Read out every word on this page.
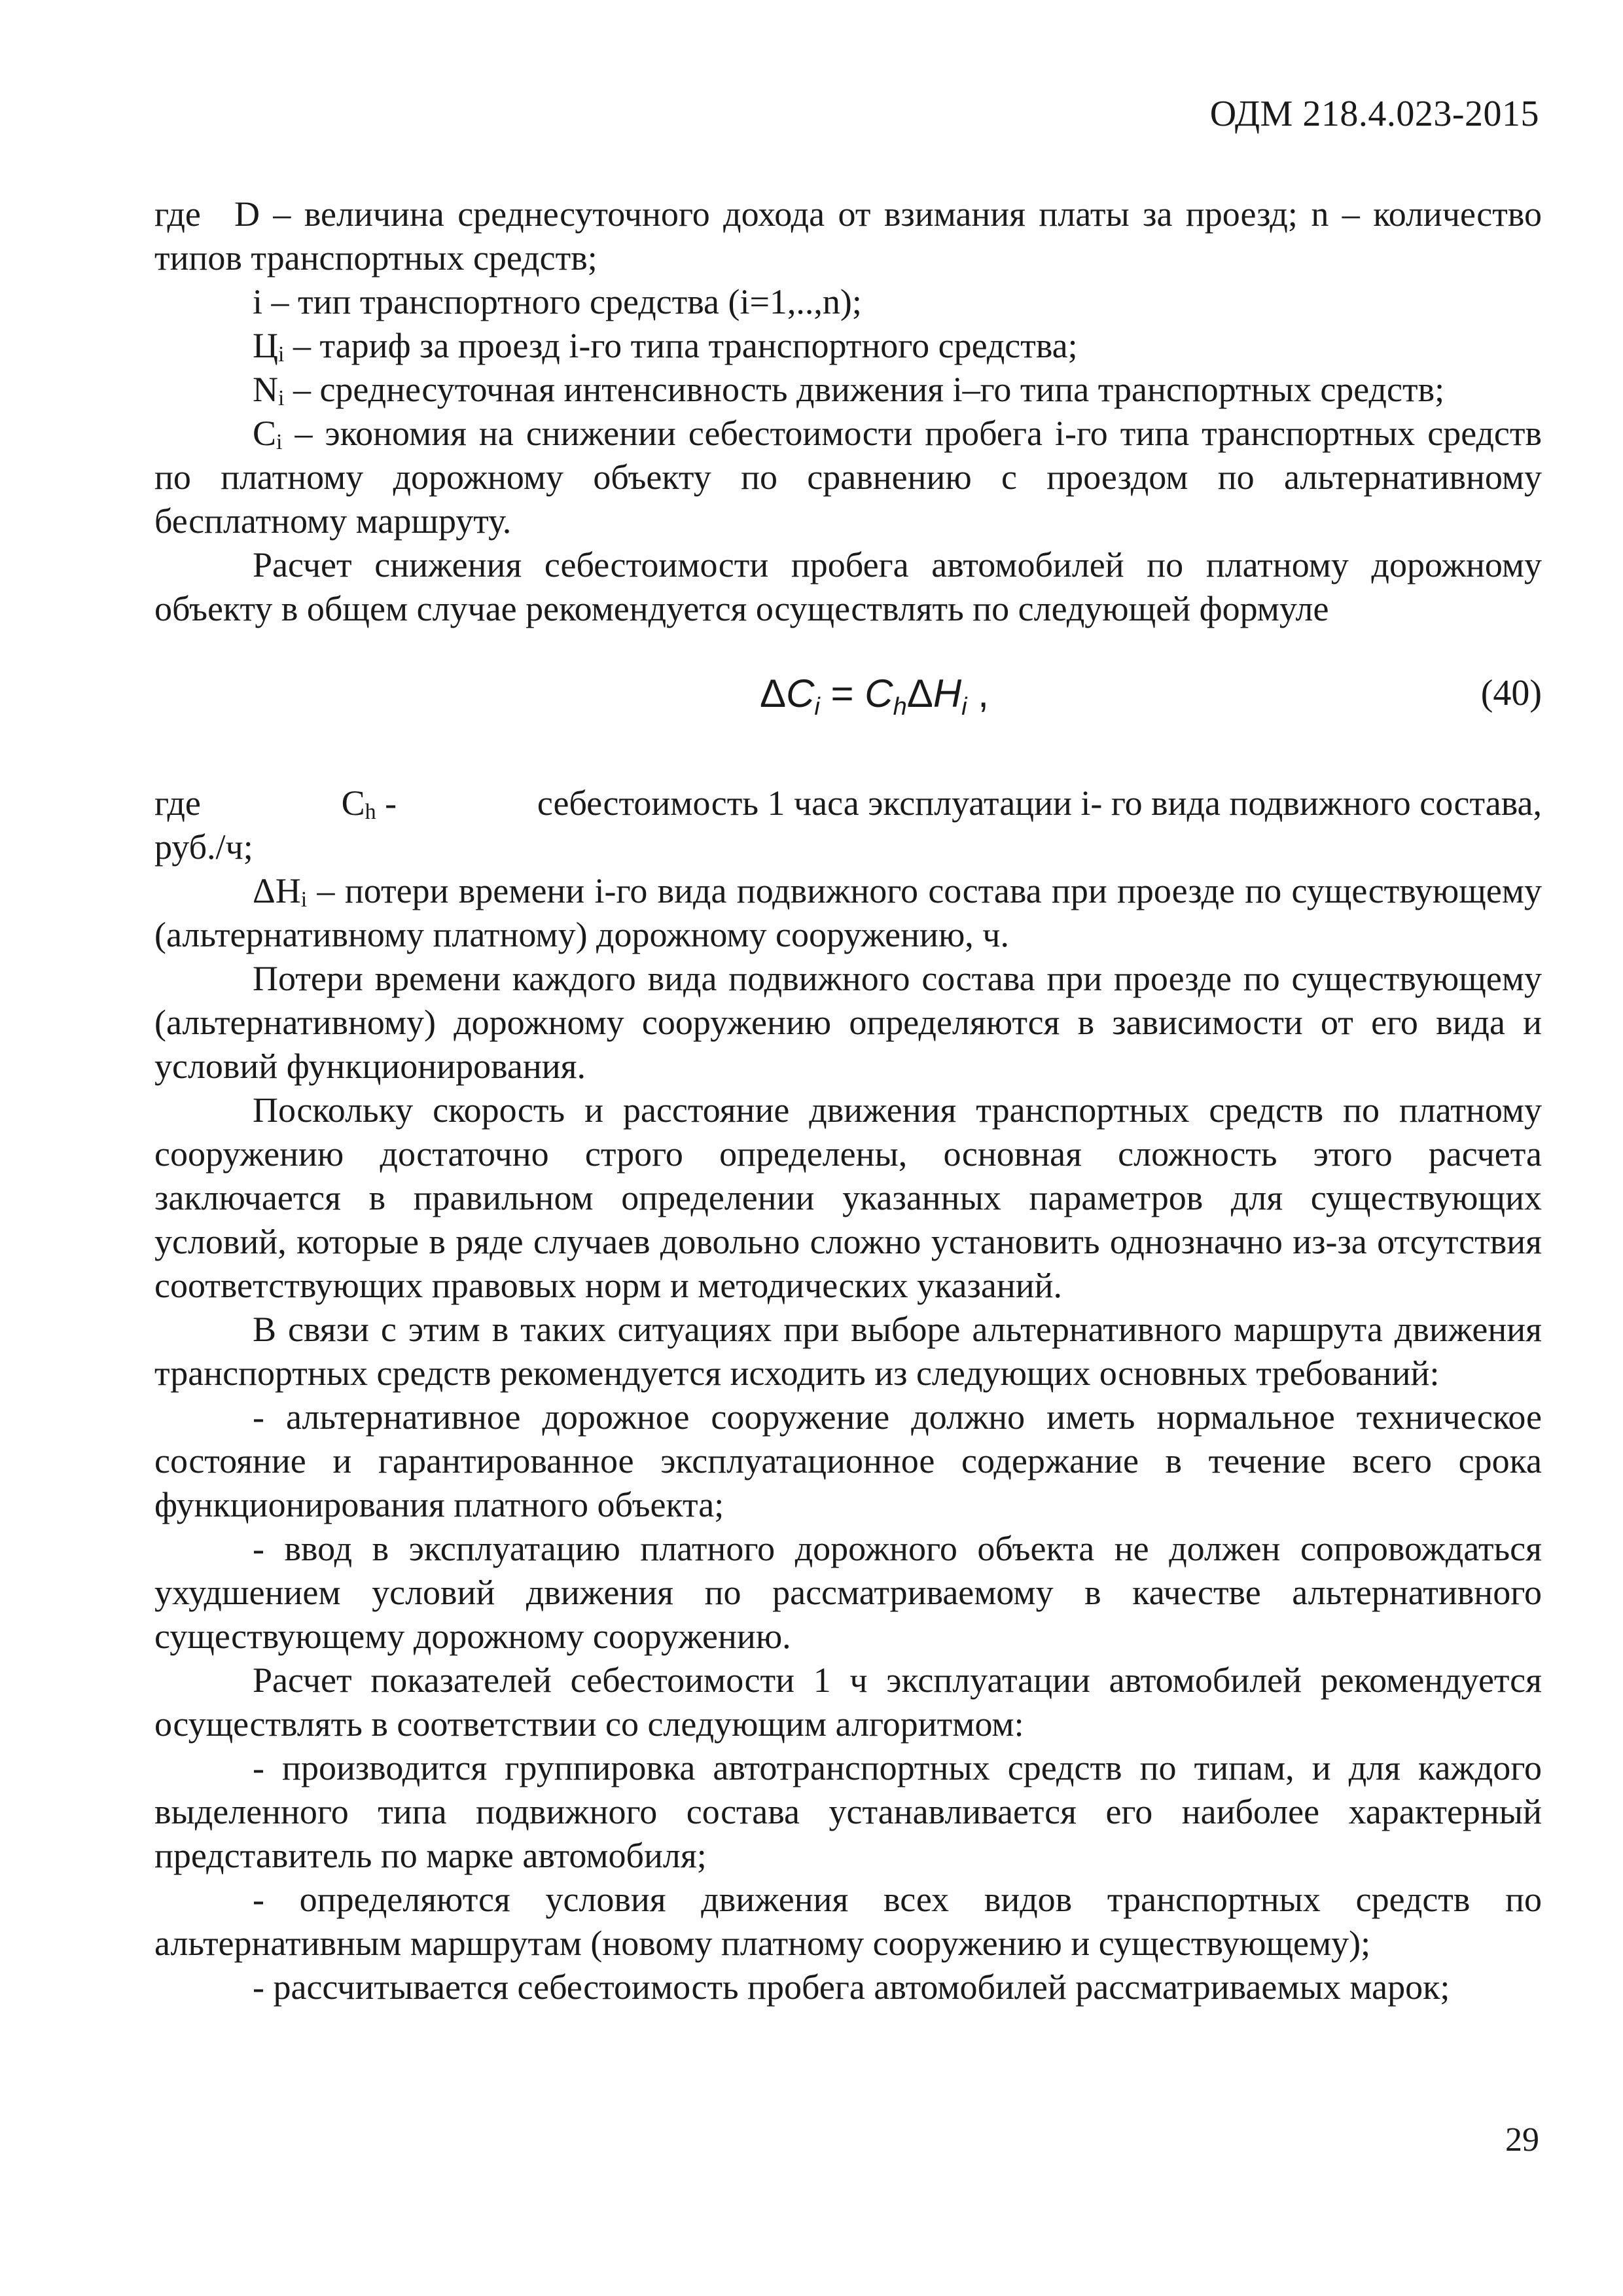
ОДМ 218.4.023-2015

где D – величина среднесуточного дохода от взимания платы за проезд; n – количество типов транспортных средств;

i – тип транспортного средства (i=1,..,n);

$Ц_i$ – тариф за проезд i-го типа транспортного средства;

$N_i$ – среднесуточная интенсивность движения i–го типа транспортных средств;

$C_i$ – экономия на снижении себестоимости пробега i-го типа транспортных средств по платному дорожному объекту по сравнению с проездом по альтернативному бесплатному маршруту.

Расчет снижения себестоимости пробега автомобилей по платному дорожному объекту в общем случае рекомендуется осуществлять по следующей формуле

$\Delta C_i = C_h\Delta H_i$ ,	(40)
где	$C_h$ -	себестоимость 1 часа эксплуатации i- го вида подвижного состава,

руб./ч;

$\Delta H_i$ – потери времени i-го вида подвижного состава при проезде по существующему (альтернативному платному) дорожному сооружению, ч.

Потери времени каждого вида подвижного состава при проезде по существующему (альтернативному) дорожному сооружению определяются в зависимости от его вида и условий функционирования.

Поскольку скорость и расстояние движения транспортных средств по платному сооружению достаточно строго определены, основная сложность этого расчета заключается в правильном определении указанных параметров для существующих условий, которые в ряде случаев довольно сложно установить однозначно из-за отсутствия соответствующих правовых норм и методических указаний.

В связи с этим в таких ситуациях при выборе альтернативного маршрута движения транспортных средств рекомендуется исходить из следующих основных требований:

- альтернативное дорожное сооружение должно иметь нормальное техническое состояние и гарантированное эксплуатационное содержание в течение всего срока функционирования платного объекта;

- ввод в эксплуатацию платного дорожного объекта не должен сопровождаться ухудшением условий движения по рассматриваемому в качестве альтернативного существующему дорожному сооружению.

Расчет показателей себестоимости 1 ч эксплуатации автомобилей рекомендуется осуществлять в соответствии со следующим алгоритмом:

- производится группировка автотранспортных средств по типам, и для каждого выделенного типа подвижного состава устанавливается его наиболее характерный представитель по марке автомобиля;

- определяются условия движения всех видов транспортных средств по альтернативным маршрутам (новому платному сооружению и существующему);

- рассчитывается себестоимость пробега автомобилей рассматриваемых марок;

29
